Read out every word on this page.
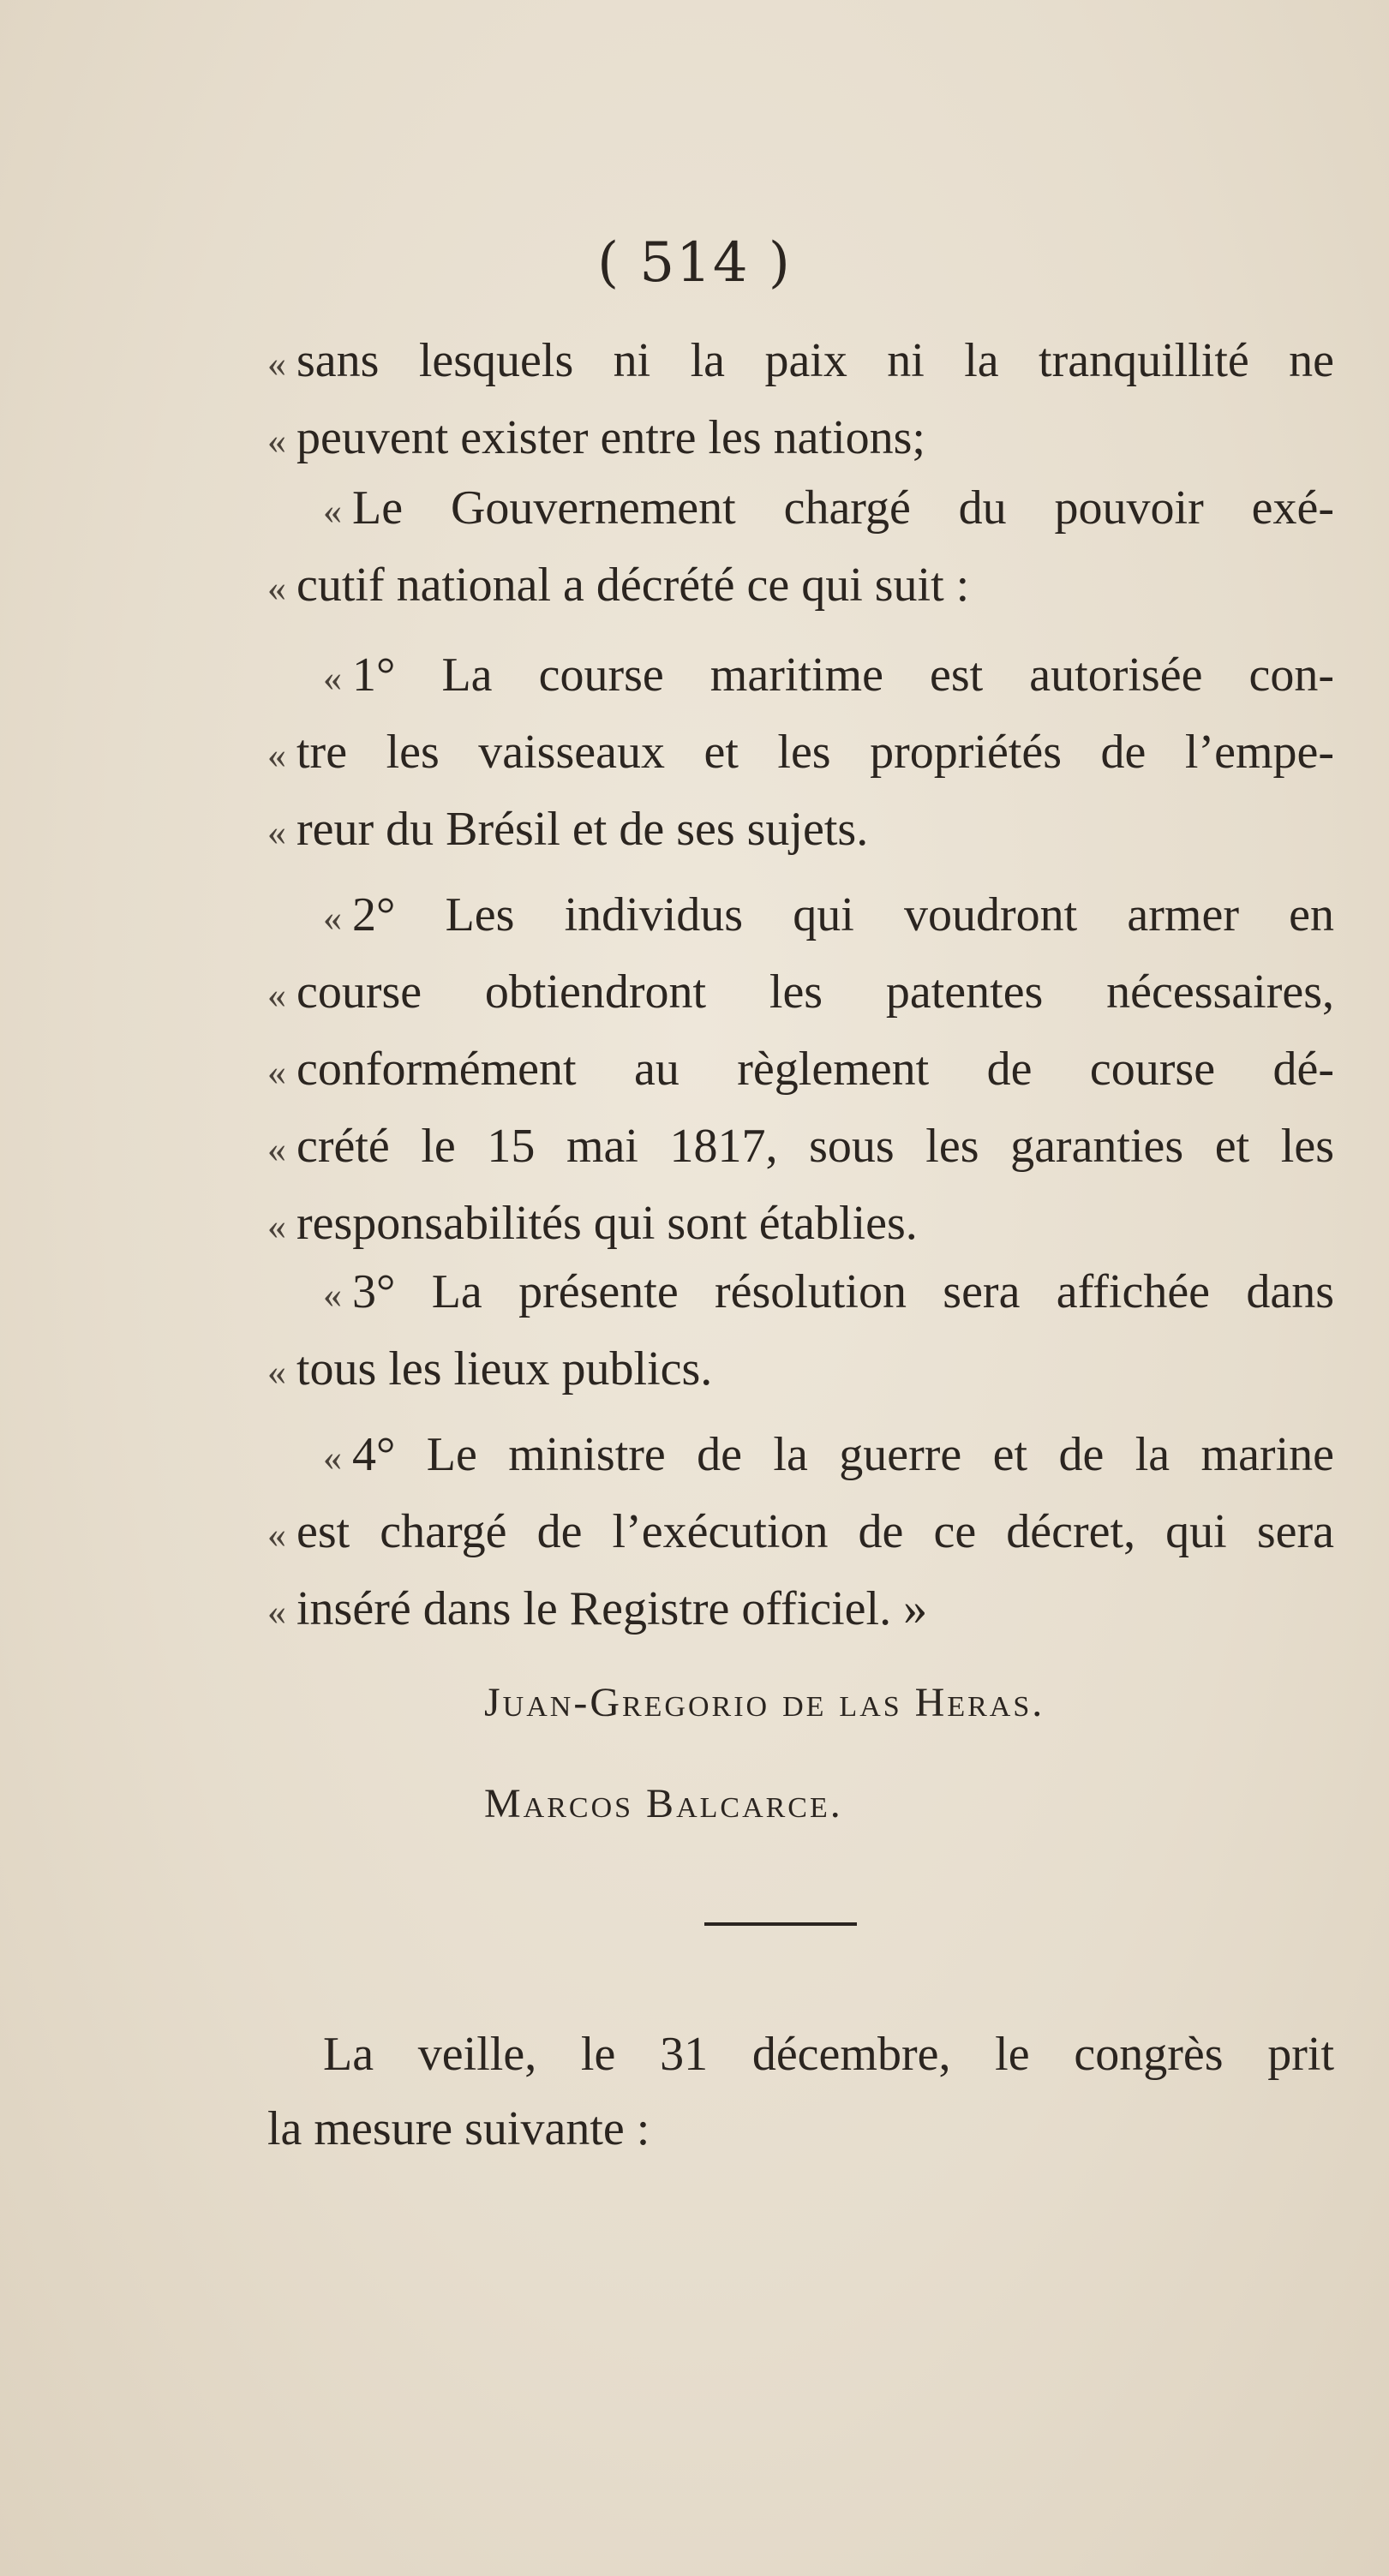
( 514 )
« sans lesquels ni la paix ni la tranquillité ne
« peuvent exister entre les nations;
« Le Gouvernement chargé du pouvoir exé-
« cutif national a décrété ce qui suit :
« 1° La course maritime est autorisée con-
« tre les vaisseaux et les propriétés de l’empe-
« reur du Brésil et de ses sujets.
« 2° Les individus qui voudront armer en
« course obtiendront les patentes nécessaires,
« conformément au règlement de course dé-
« crété le 15 mai 1817, sous les garanties et les
« responsabilités qui sont établies.
« 3° La présente résolution sera affichée dans
« tous les lieux publics.
« 4° Le ministre de la guerre et de la marine
« est chargé de l’exécution de ce décret, qui sera
« inséré dans le Registre officiel. »
Juan-Gregorio de las Heras.
Marcos Balcarce.
La veille, le 31 décembre, le congrès prit
la mesure suivante :
